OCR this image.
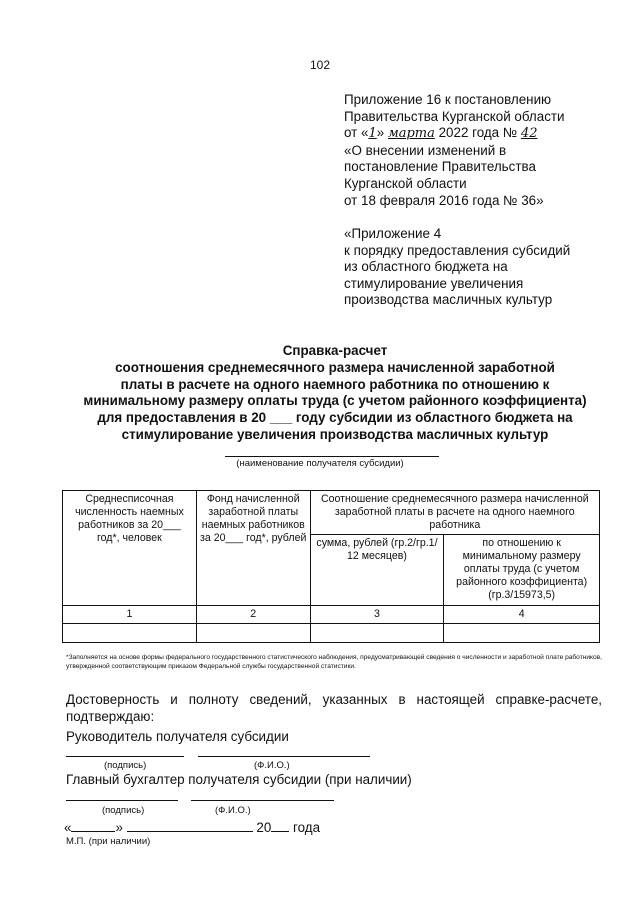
102
Приложение 16 к постановлению
Правительства Курганской области
от «1» марта 2022 года № 42
«О внесении изменений в
постановление Правительства
Курганской области
от 18 февраля 2016 года № 36»
«Приложение 4
к порядку предоставления субсидий
из областного бюджета на
стимулирование увеличения
производства масличных культур
Справка-расчет
соотношения среднемесячного размера начисленной заработной
платы в расчете на одного наемного работника по отношению к
минимальному размеру оплаты труда (с учетом районного коэффициента)
для предоставления в 20 ___ году субсидии из областного бюджета на
стимулирование увеличения производства масличных культур
(наименование получателя субсидии)
Среднесписочная численность наемных работников за 20___ год*, человек	Фонд начисленной заработной платы наемных работников за 20___ год*, рублей	Соотношение среднемесячного размера начисленной заработной платы в расчете на одного наемного работника	
		сумма, рублей (гр.2/гр.1/ 12 месяцев)	по отношению к минимальному размеру оплаты труда (с учетом районного коэффициента) (гр.3/15973,5)
1	2	3	4

*Заполняется на основе формы федерального государственного статистического наблюдения, предусматривающей сведения о численности и заработной плате работников, утвержденной соответствующим приказом Федеральной службы государственной статистики.
Достоверность и полноту сведений, указанных в настоящей справке-расчете, подтверждаю:
Руководитель получателя субсидии
(подпись)	(Ф.И.О.)
Главный бухгалтер получателя субсидии (при наличии)
(подпись)	(Ф.И.О.)
«	»	20 года
М.П. (при наличии)
